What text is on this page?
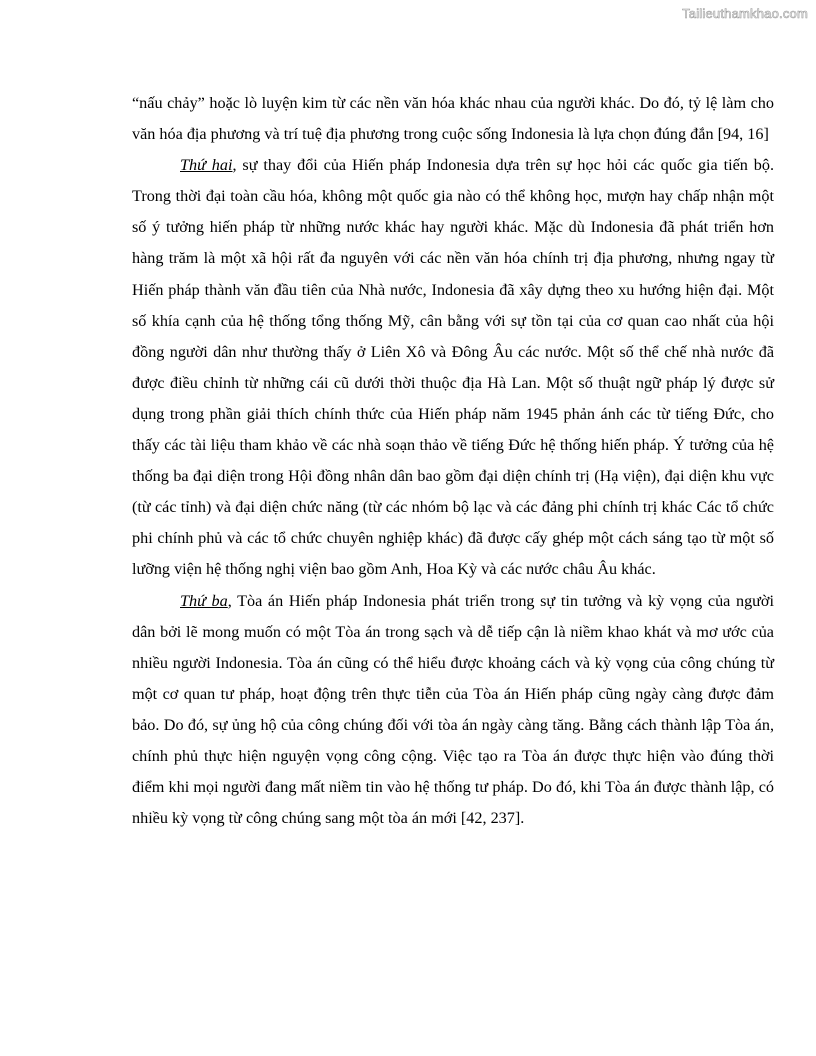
Tailieuthamkhao.com

“nấu chảy” hoặc lò luyện kim từ các nền văn hóa khác nhau của người khác. Do đó, tỷ lệ làm cho văn hóa địa phương và trí tuệ địa phương trong cuộc sống Indonesia là lựa chọn đúng đắn [94, 16]

Thứ hai, sự thay đổi của Hiến pháp Indonesia dựa trên sự học hỏi các quốc gia tiến bộ. Trong thời đại toàn cầu hóa, không một quốc gia nào có thể không học, mượn hay chấp nhận một số ý tưởng hiến pháp từ những nước khác hay người khác. Mặc dù Indonesia đã phát triển hơn hàng trăm là một xã hội rất đa nguyên với các nền văn hóa chính trị địa phương, nhưng ngay từ Hiến pháp thành văn đầu tiên của Nhà nước, Indonesia đã xây dựng theo xu hướng hiện đại. Một số khía cạnh của hệ thống tổng thống Mỹ, cân bằng với sự tồn tại của cơ quan cao nhất của hội đồng người dân như thường thấy ở Liên Xô và Đông Âu các nước. Một số thể chế nhà nước đã được điều chỉnh từ những cái cũ dưới thời thuộc địa Hà Lan. Một số thuật ngữ pháp lý được sử dụng trong phần giải thích chính thức của Hiến pháp năm 1945 phản ánh các từ tiếng Đức, cho thấy các tài liệu tham khảo về các nhà soạn thảo về tiếng Đức hệ thống hiến pháp. Ý tưởng của hệ thống ba đại diện trong Hội đồng nhân dân bao gồm đại diện chính trị (Hạ viện), đại diện khu vực (từ các tỉnh) và đại diện chức năng (từ các nhóm bộ lạc và các đảng phi chính trị khác Các tổ chức phi chính phủ và các tổ chức chuyên nghiệp khác) đã được cấy ghép một cách sáng tạo từ một số lưỡng viện hệ thống nghị viện bao gồm Anh, Hoa Kỳ và các nước châu Âu khác.

Thứ ba, Tòa án Hiến pháp Indonesia phát triển trong sự tin tưởng và kỳ vọng của người dân bởi lẽ mong muốn có một Tòa án trong sạch và dễ tiếp cận là niềm khao khát và mơ ước của nhiều người Indonesia. Tòa án cũng có thể hiểu được khoảng cách và kỳ vọng của công chúng từ một cơ quan tư pháp, hoạt động trên thực tiễn của Tòa án Hiến pháp cũng ngày càng được đảm bảo. Do đó, sự ủng hộ của công chúng đối với tòa án ngày càng tăng. Bằng cách thành lập Tòa án, chính phủ thực hiện nguyện vọng công cộng. Việc tạo ra Tòa án được thực hiện vào đúng thời điểm khi mọi người đang mất niềm tin vào hệ thống tư pháp. Do đó, khi Tòa án được thành lập, có nhiều kỳ vọng từ công chúng sang một tòa án mới [42, 237].
